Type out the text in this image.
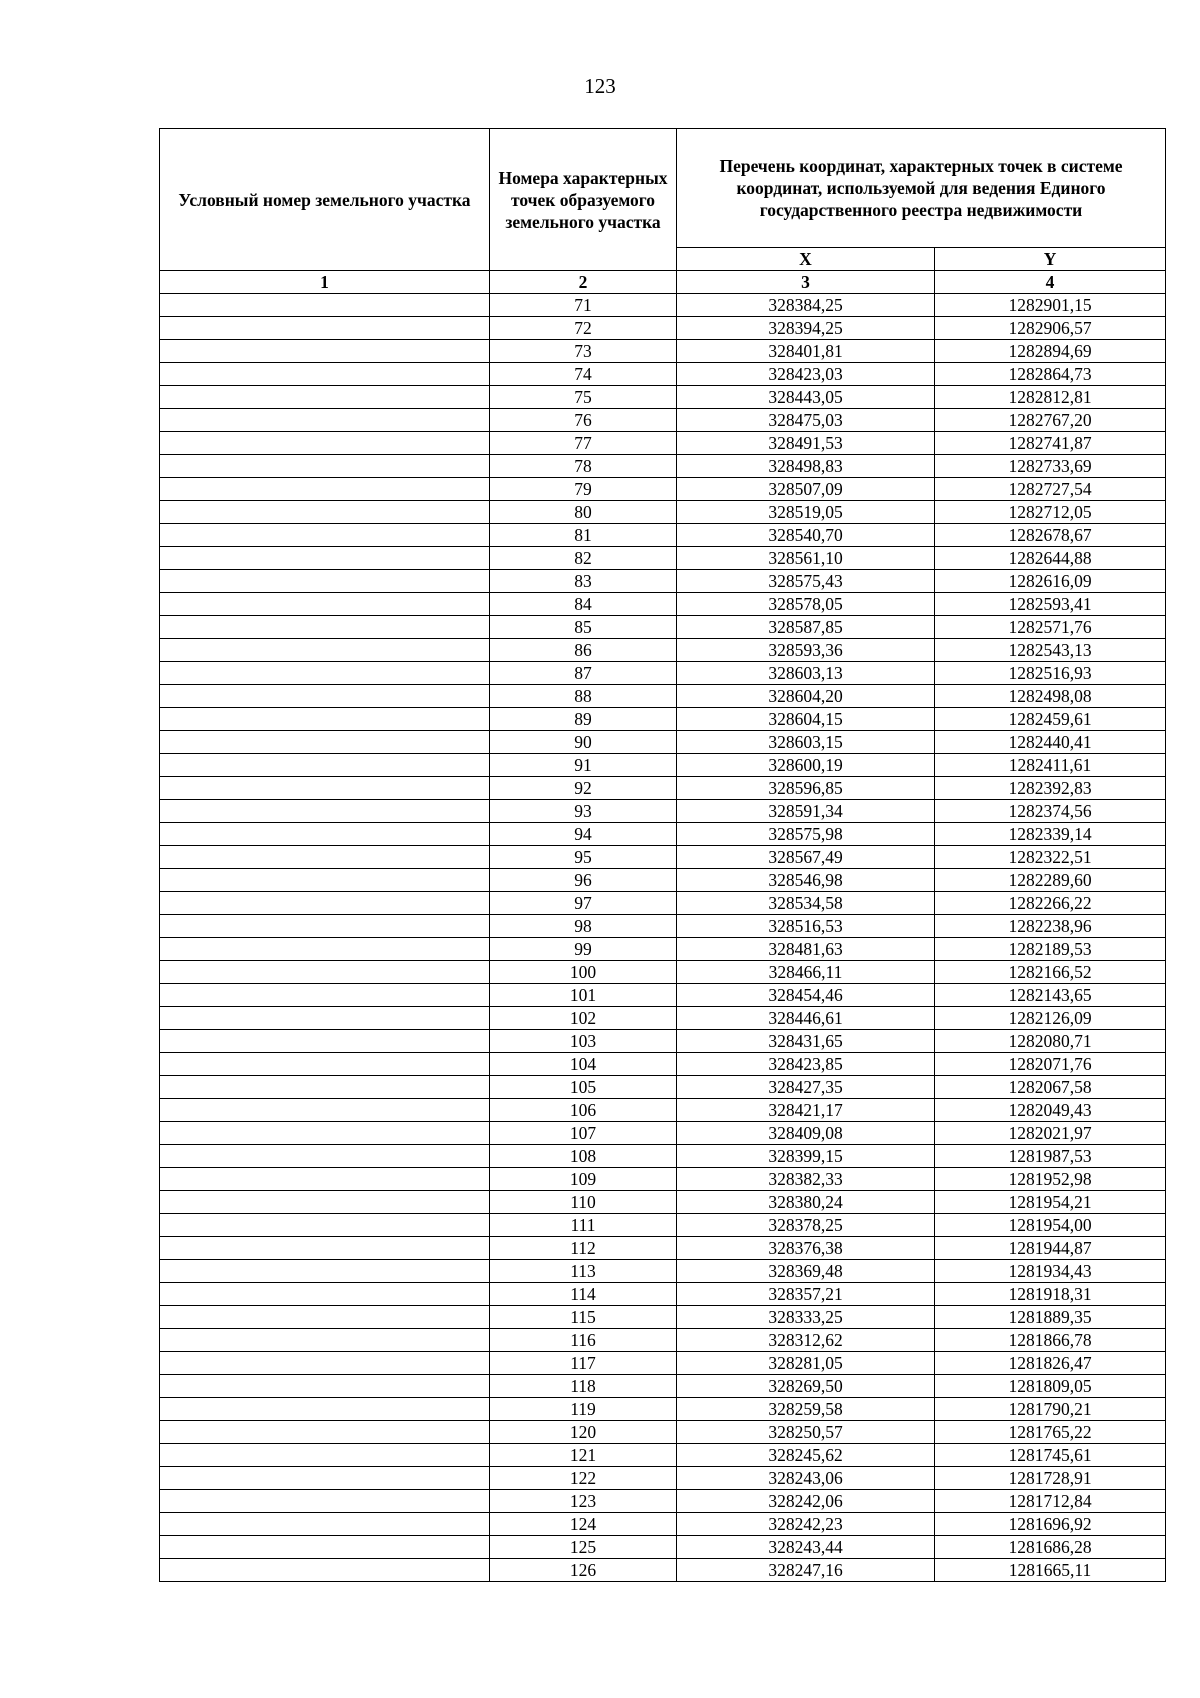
123
Условный номер земельного участка	Номера характерных точек образуемого земельного участка	Перечень координат, характерных точек в системе координат, используемой для ведения Единого государственного реестра недвижимости	
		X	Y
1	2	3	4
	71	328384,25	1282901,15
	72	328394,25	1282906,57
	73	328401,81	1282894,69
	74	328423,03	1282864,73
	75	328443,05	1282812,81
	76	328475,03	1282767,20
	77	328491,53	1282741,87
	78	328498,83	1282733,69
	79	328507,09	1282727,54
	80	328519,05	1282712,05
	81	328540,70	1282678,67
	82	328561,10	1282644,88
	83	328575,43	1282616,09
	84	328578,05	1282593,41
	85	328587,85	1282571,76
	86	328593,36	1282543,13
	87	328603,13	1282516,93
	88	328604,20	1282498,08
	89	328604,15	1282459,61
	90	328603,15	1282440,41
	91	328600,19	1282411,61
	92	328596,85	1282392,83
	93	328591,34	1282374,56
	94	328575,98	1282339,14
	95	328567,49	1282322,51
	96	328546,98	1282289,60
	97	328534,58	1282266,22
	98	328516,53	1282238,96
	99	328481,63	1282189,53
	100	328466,11	1282166,52
	101	328454,46	1282143,65
	102	328446,61	1282126,09
	103	328431,65	1282080,71
	104	328423,85	1282071,76
	105	328427,35	1282067,58
	106	328421,17	1282049,43
	107	328409,08	1282021,97
	108	328399,15	1281987,53
	109	328382,33	1281952,98
	110	328380,24	1281954,21
	111	328378,25	1281954,00
	112	328376,38	1281944,87
	113	328369,48	1281934,43
	114	328357,21	1281918,31
	115	328333,25	1281889,35
	116	328312,62	1281866,78
	117	328281,05	1281826,47
	118	328269,50	1281809,05
	119	328259,58	1281790,21
	120	328250,57	1281765,22
	121	328245,62	1281745,61
	122	328243,06	1281728,91
	123	328242,06	1281712,84
	124	328242,23	1281696,92
	125	328243,44	1281686,28
	126	328247,16	1281665,11
